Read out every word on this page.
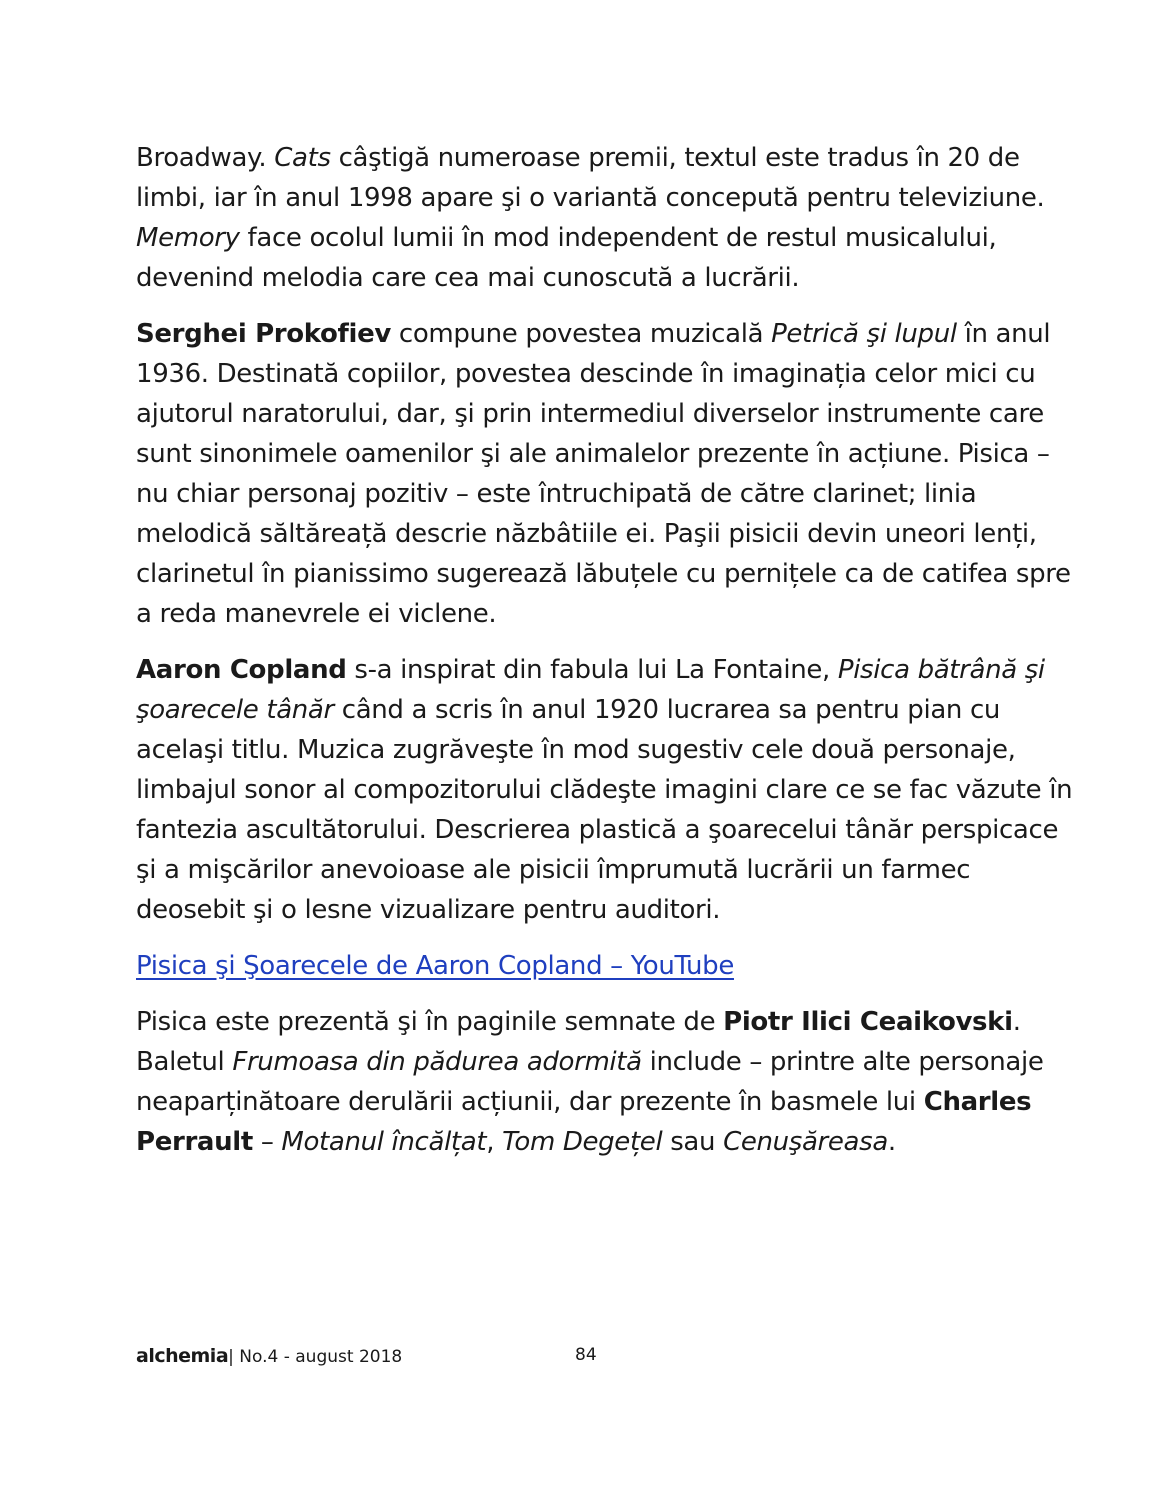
Broadway. Cats câştigă numeroase premii, textul este tradus în 20 de limbi, iar în anul 1998 apare şi o variantă concepută pentru televiziune. Memory face ocolul lumii în mod independent de restul musicalului, devenind melodia care cea mai cunoscută a lucrării.

Serghei Prokofiev compune povestea muzicală Petrică şi lupul în anul 1936. Destinată copiilor, povestea descinde în imaginația celor mici cu ajutorul naratorului, dar, şi prin intermediul diverselor instrumente care sunt sinonimele oamenilor şi ale animalelor prezente în acțiune. Pisica – nu chiar personaj pozitiv – este întruchipată de către clarinet; linia melodică săltăreață descrie năzbâtiile ei. Paşii pisicii devin uneori lenți, clarinetul în pianissimo sugerează lăbuțele cu pernițele ca de catifea spre a reda manevrele ei viclene.

Aaron Copland s-a inspirat din fabula lui La Fontaine, Pisica bătrână şi şoarecele tânăr când a scris în anul 1920 lucrarea sa pentru pian cu acelaşi titlu. Muzica zugrăveşte în mod sugestiv cele două personaje, limbajul sonor al compozitorului clădeşte imagini clare ce se fac văzute în fantezia ascultătorului. Descrierea plastică a şoarecelui tânăr perspicace şi a mişcărilor anevoioase ale pisicii împrumută lucrării un farmec deosebit şi o lesne vizualizare pentru auditori.

Pisica şi Şoarecele de Aaron Copland – YouTube

Pisica este prezentă şi în paginile semnate de Piotr Ilici Ceaikovski. Baletul Frumoasa din pădurea adormită include – printre alte personaje neaparținătoare derulării acțiunii, dar prezente în basmele lui Charles Perrault – Motanul încălțat, Tom Degețel sau Cenuşăreasa.

alchemia| No.4 - august 2018	84
